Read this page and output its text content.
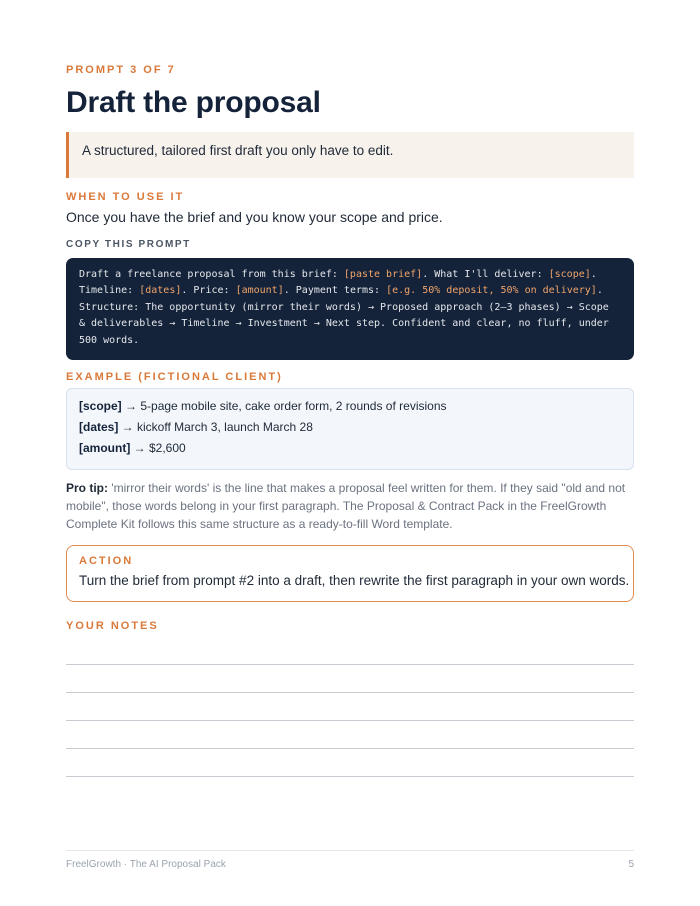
PROMPT 3 OF 7
Draft the proposal
A structured, tailored first draft you only have to edit.
WHEN TO USE IT
Once you have the brief and you know your scope and price.
COPY THIS PROMPT
Draft a freelance proposal from this brief: [paste brief]. What I'll deliver: [scope].
Timeline: [dates]. Price: [amount]. Payment terms: [e.g. 50% deposit, 50% on delivery].
Structure: The opportunity (mirror their words) → Proposed approach (2–3 phases) → Scope
& deliverables → Timeline → Investment → Next step. Confident and clear, no fluff, under
500 words.
EXAMPLE (FICTIONAL CLIENT)
[scope] → 5-page mobile site, cake order form, 2 rounds of revisions
[dates] → kickoff March 3, launch March 28
[amount] → $2,600
Pro tip: 'mirror their words' is the line that makes a proposal feel written for them. If they said "old and not mobile", those words belong in your first paragraph. The Proposal & Contract Pack in the FreelGrowth Complete Kit follows this same structure as a ready-to-fill Word template.
ACTION
Turn the brief from prompt #2 into a draft, then rewrite the first paragraph in your own words.
YOUR NOTES
FreelGrowth · The AI Proposal Pack	5
